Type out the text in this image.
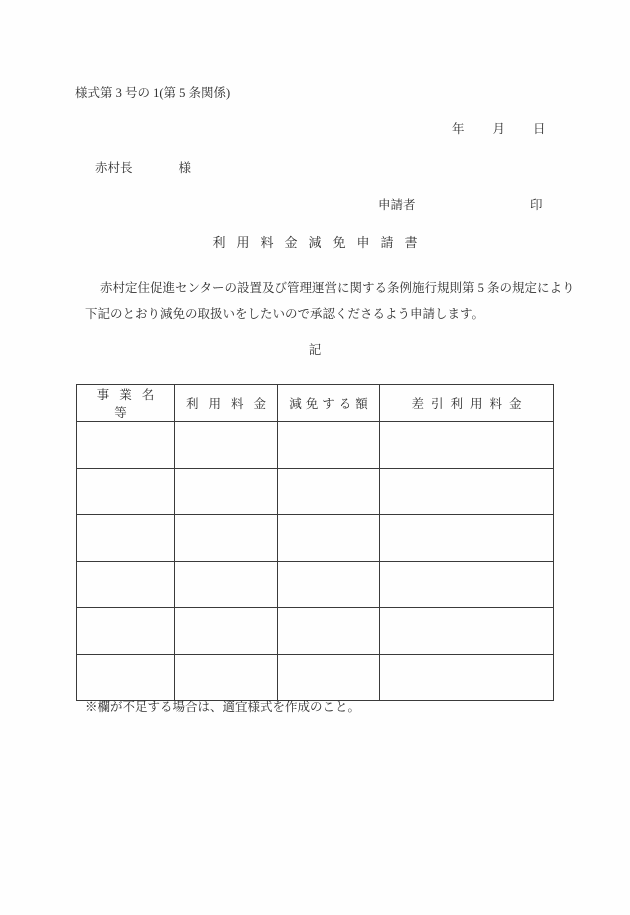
様式第 3 号の 1(第 5 条関係)
年 月 日
赤村長	様
申請者	印
利用料金減免申請書
赤村定住促進センターの設置及び管理運営に関する条例施行規則第 5 条の規定により
下記のとおり減免の取扱いをしたいので承認くださるよう申請します。
記
事業名等	利用料金	減免する額	差引利用料金

※欄が不足する場合は、適宜様式を作成のこと。
